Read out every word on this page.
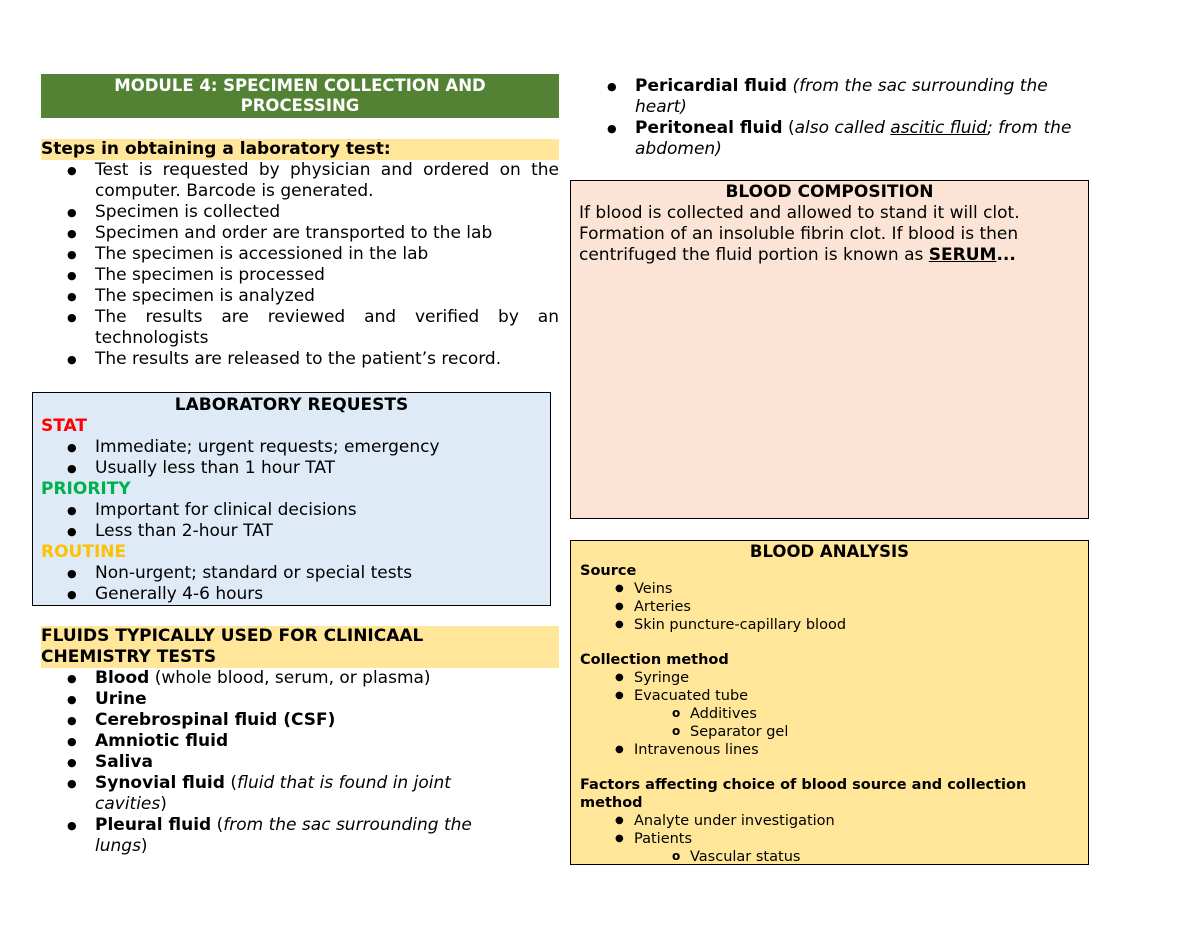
MODULE 4: SPECIMEN COLLECTION AND
PROCESSING
Steps in obtaining a laboratory test:
● Test is requested by physician and ordered on the computer. Barcode is generated.
● Specimen is collected
● Specimen and order are transported to the lab
● The specimen is accessioned in the lab
● The specimen is processed
● The specimen is analyzed
● The results are reviewed and verified by an technologists
● The results are released to the patient’s record.
LABORATORY REQUESTS
STAT
● Immediate; urgent requests; emergency
● Usually less than 1 hour TAT
PRIORITY
● Important for clinical decisions
● Less than 2-hour TAT
ROUTINE
● Non-urgent; standard or special tests
● Generally 4-6 hours
FLUIDS TYPICALLY USED FOR CLINICAAL
CHEMISTRY TESTS
● Blood (whole blood, serum, or plasma)
● Urine
● Cerebrospinal fluid (CSF)
● Amniotic fluid
● Saliva
● Synovial fluid (fluid that is found in joint cavities)
● Pleural fluid (from the sac surrounding the lungs)
● Pericardial fluid (from the sac surrounding the heart)
● Peritoneal fluid (also called ascitic fluid; from the abdomen)
BLOOD COMPOSITION
If blood is collected and allowed to stand it will clot. Formation of an insoluble fibrin clot. If blood is then centrifuged the fluid portion is known as SERUM...
BLOOD ANALYSIS
Source
● Veins
● Arteries
● Skin puncture-capillary blood
Collection method
● Syringe
● Evacuated tube
o Additives
o Separator gel
● Intravenous lines
Factors affecting choice of blood source and collection method
● Analyte under investigation
● Patients
o Vascular status
